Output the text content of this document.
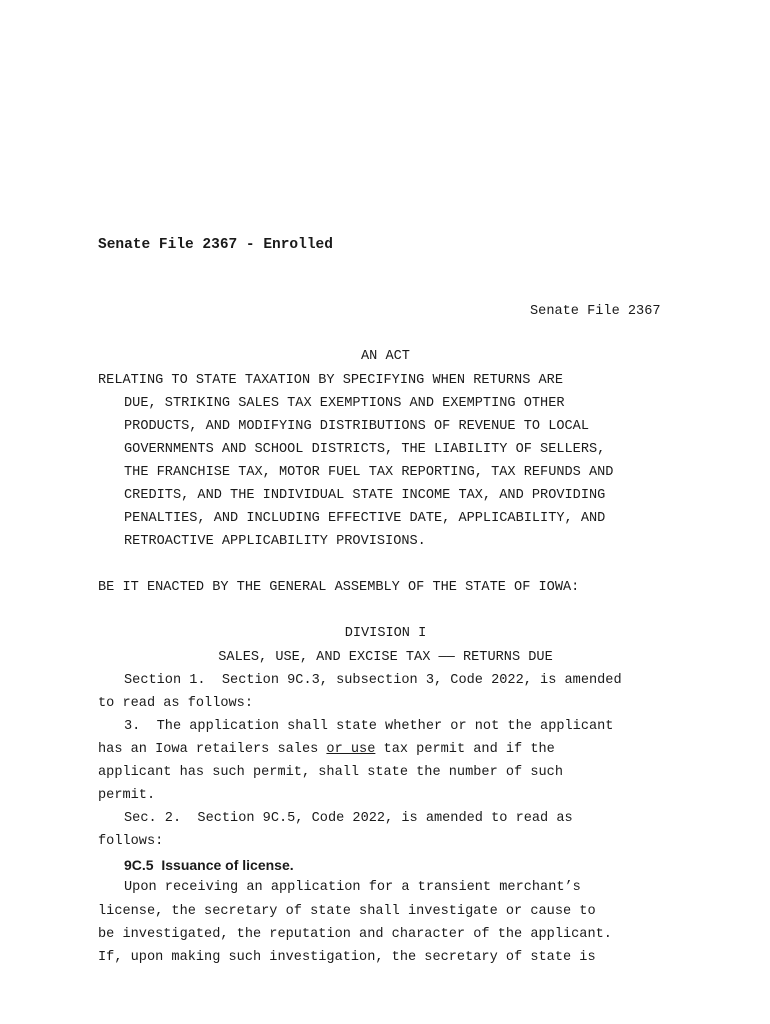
Senate File 2367 - Enrolled
Senate File 2367
AN ACT
RELATING TO STATE TAXATION BY SPECIFYING WHEN RETURNS ARE
DUE, STRIKING SALES TAX EXEMPTIONS AND EXEMPTING OTHER
PRODUCTS, AND MODIFYING DISTRIBUTIONS OF REVENUE TO LOCAL
GOVERNMENTS AND SCHOOL DISTRICTS, THE LIABILITY OF SELLERS,
THE FRANCHISE TAX, MOTOR FUEL TAX REPORTING, TAX REFUNDS AND
CREDITS, AND THE INDIVIDUAL STATE INCOME TAX, AND PROVIDING
PENALTIES, AND INCLUDING EFFECTIVE DATE, APPLICABILITY, AND
RETROACTIVE APPLICABILITY PROVISIONS.
BE IT ENACTED BY THE GENERAL ASSEMBLY OF THE STATE OF IOWA:
DIVISION I
SALES, USE, AND EXCISE TAX —— RETURNS DUE
Section 1.  Section 9C.3, subsection 3, Code 2022, is amended
to read as follows:
3.  The application shall state whether or not the applicant
has an Iowa retailers sales or use tax permit and if the
applicant has such permit, shall state the number of such
permit.
Sec. 2.  Section 9C.5, Code 2022, is amended to read as
follows:
9C.5  Issuance of license.
Upon receiving an application for a transient merchant’s
license, the secretary of state shall investigate or cause to
be investigated, the reputation and character of the applicant.
If, upon making such investigation, the secretary of state is
